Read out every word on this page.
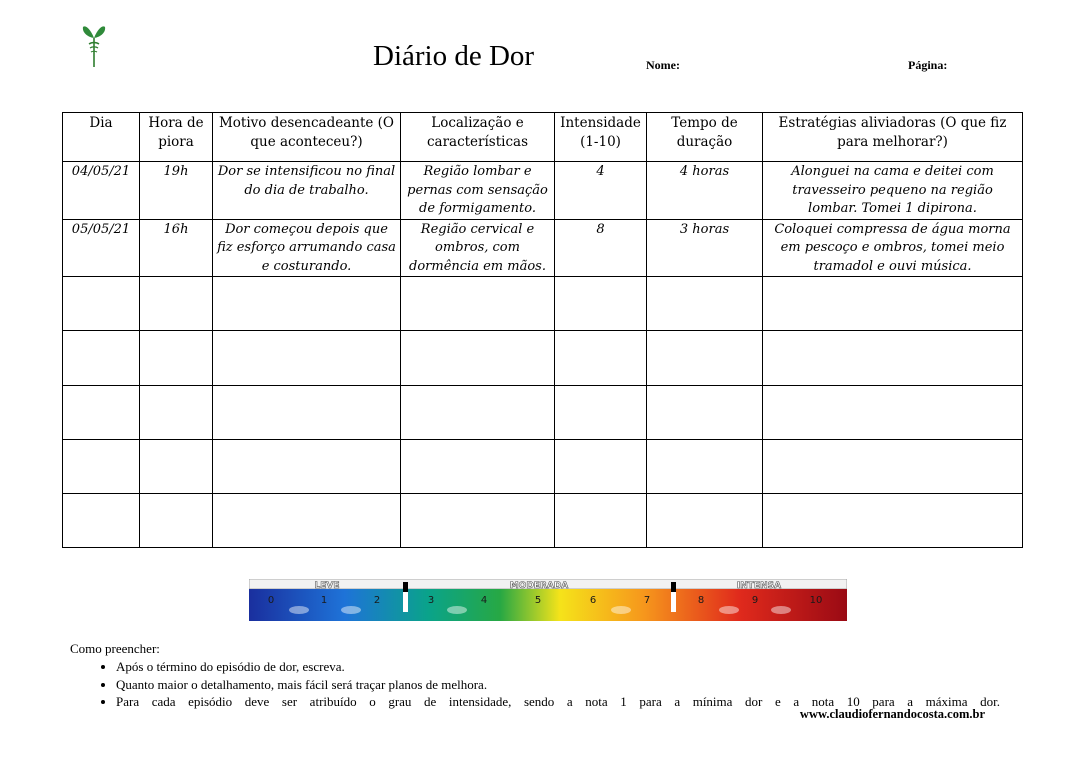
Diário de Dor	Nome:	Página:
Dia	Hora de piora	Motivo desencadeante (O que aconteceu?)	Localização e características	Intensidade (1-10)	Tempo de duração	Estratégias aliviadoras (O que fiz para melhorar?)
04/05/21	19h	Dor se intensificou no final do dia de trabalho.	Região lombar e pernas com sensação de formigamento.	4	4 horas	Alonguei na cama e deitei com travesseiro pequeno na região lombar. Tomei 1 dipirona.
05/05/21	16h	Dor começou depois que fiz esforço arrumando casa e costurando.	Região cervical e ombros, com dormência em mãos.	8	3 horas	Coloquei compressa de água morna em pescoço e ombros, tomei meio tramadol e ouvi música.

LEVE	MODERADA	INTENSA
0	1	2	3	4	5	6	7	8	9	10
Como preencher:
• Após o término do episódio de dor, escreva.
• Quanto maior o detalhamento, mais fácil será traçar planos de melhora.
• Para cada episódio deve ser atribuído o grau de intensidade, sendo a nota 1 para a mínima dor e a nota 10 para a máxima dor.
www.claudiofernandocosta.com.br
